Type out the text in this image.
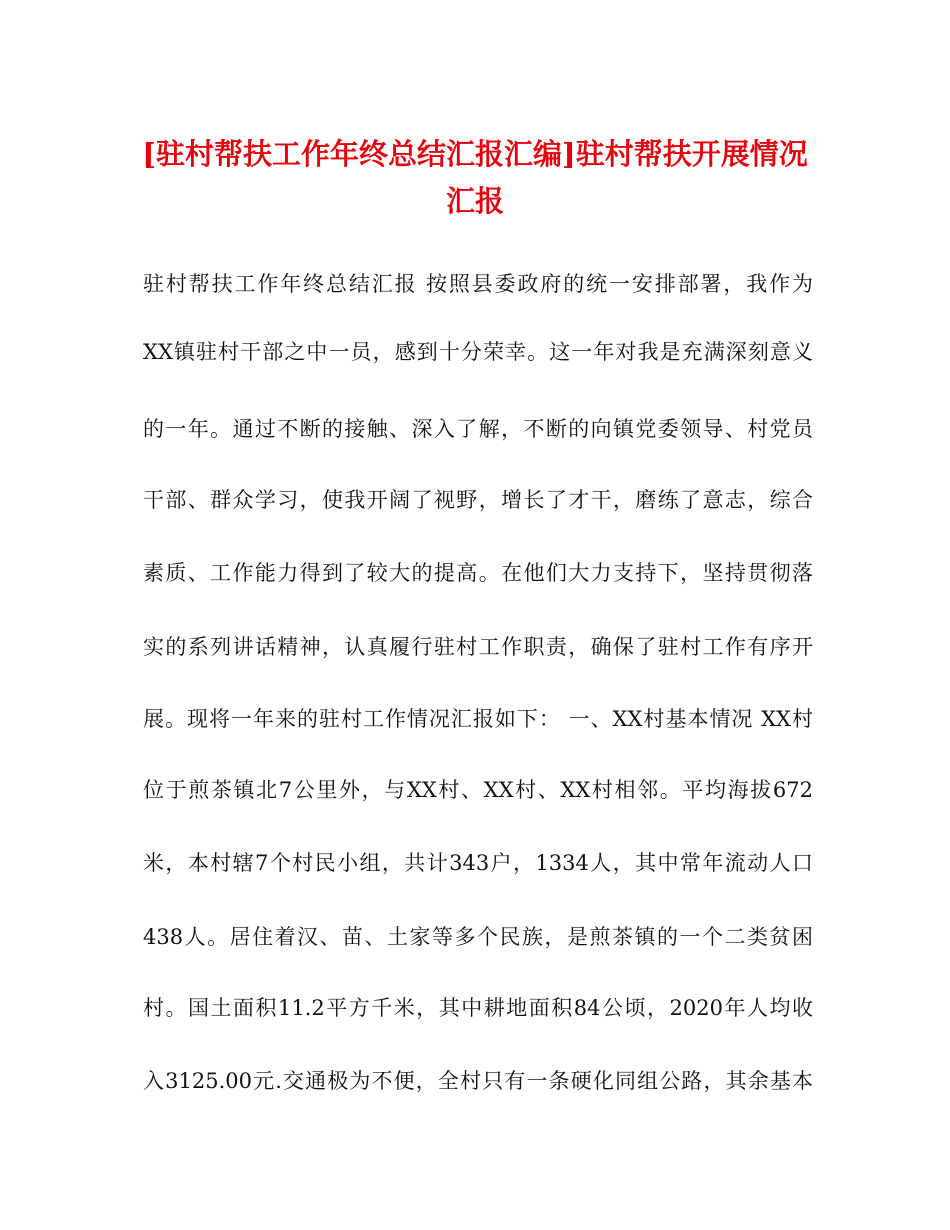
[驻村帮扶工作年终总结汇报汇编]驻村帮扶开展情况
汇报
驻村帮扶工作年终总结汇报 按照县委政府的统一安排部署，我作为
XX镇驻村干部之中一员，感到十分荣幸。这一年对我是充满深刻意义
的一年。通过不断的接触、深入了解，不断的向镇党委领导、村党员
干部、群众学习，使我开阔了视野，增长了才干，磨练了意志，综合
素质、工作能力得到了较大的提高。在他们大力支持下，坚持贯彻落
实的系列讲话精神，认真履行驻村工作职责，确保了驻村工作有序开
展。现将一年来的驻村工作情况汇报如下： 一、XX村基本情况 XX村
位于煎茶镇北7公里外，与XX村、XX村、XX村相邻。平均海拔672
米，本村辖7个村民小组，共计343户，1334人，其中常年流动人口
438人。居住着汉、苗、土家等多个民族，是煎茶镇的一个二类贫困
村。国土面积11.2平方千米，其中耕地面积84公顷，2020年人均收
入3125.00元.交通极为不便，全村只有一条硬化同组公路，其余基本
